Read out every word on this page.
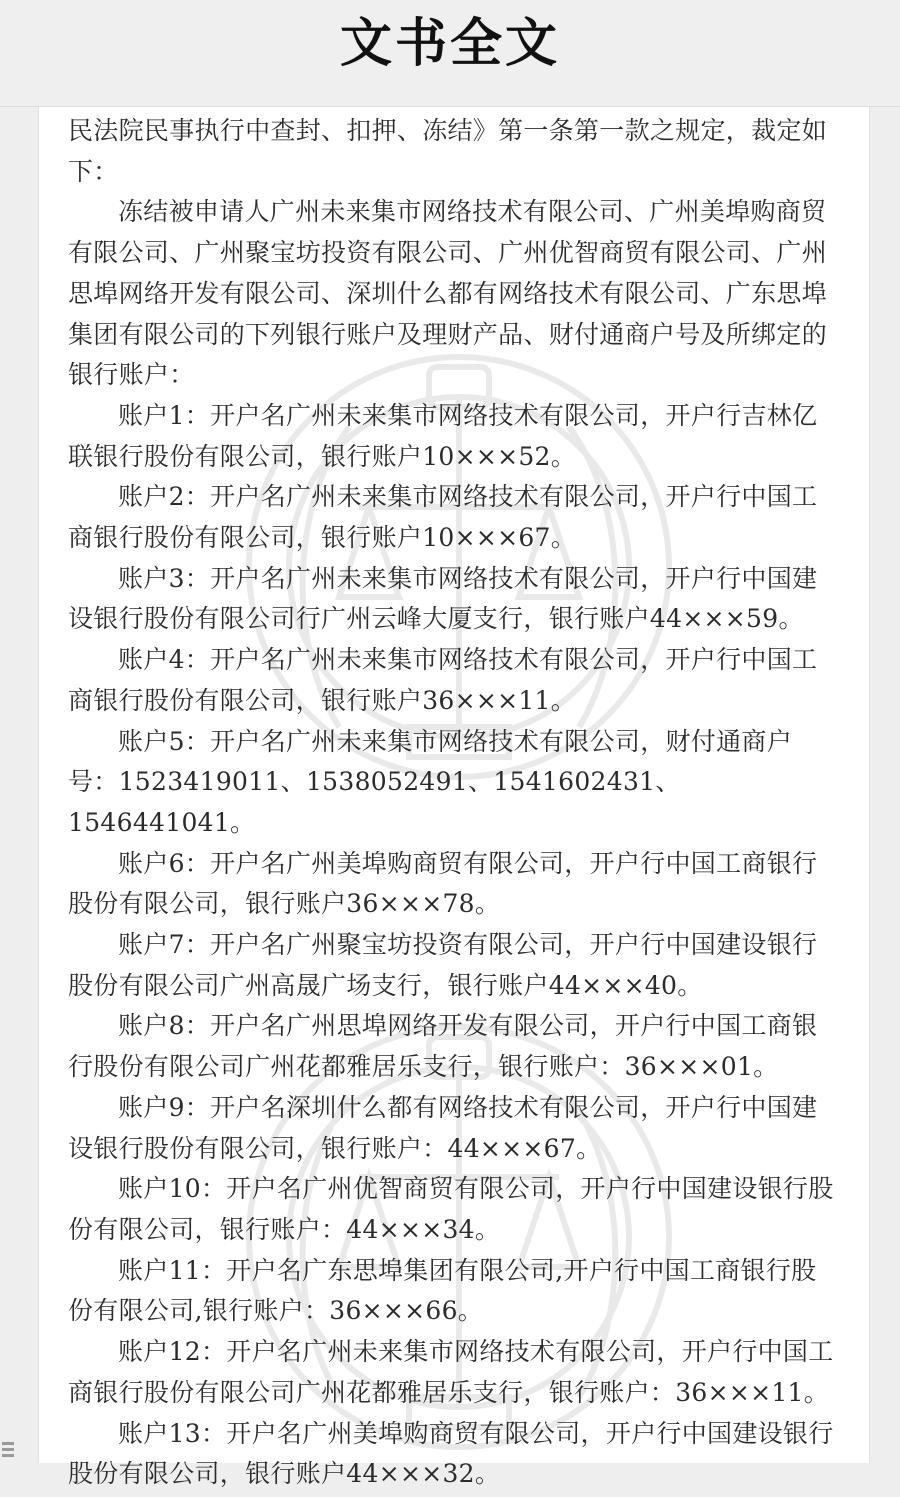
文书全文

民法院民事执行中查封、扣押、冻结》第一条第一款之规定，裁定如下：

冻结被申请人广州未来集市网络技术有限公司、广州美埠购商贸有限公司、广州聚宝坊投资有限公司、广州优智商贸有限公司、广州思埠网络开发有限公司、深圳什么都有网络技术有限公司、广东思埠集团有限公司的下列银行账户及理财产品、财付通商户号及所绑定的银行账户：

账户1：开户名广州未来集市网络技术有限公司，开户行吉林亿联银行股份有限公司，银行账户10×××52。

账户2：开户名广州未来集市网络技术有限公司，开户行中国工商银行股份有限公司，银行账户10×××67。

账户3：开户名广州未来集市网络技术有限公司，开户行中国建设银行股份有限公司行广州云峰大厦支行，银行账户44×××59。

账户4：开户名广州未来集市网络技术有限公司，开户行中国工商银行股份有限公司，银行账户36×××11。

账户5：开户名广州未来集市网络技术有限公司，财付通商户号：1523419011、1538052491、1541602431、1546441041。

账户6：开户名广州美埠购商贸有限公司，开户行中国工商银行股份有限公司，银行账户36×××78。

账户7：开户名广州聚宝坊投资有限公司，开户行中国建设银行股份有限公司广州高晟广场支行，银行账户44×××40。

账户8：开户名广州思埠网络开发有限公司，开户行中国工商银行股份有限公司广州花都雅居乐支行，银行账户：36×××01。

账户9：开户名深圳什么都有网络技术有限公司，开户行中国建设银行股份有限公司，银行账户：44×××67。

账户10：开户名广州优智商贸有限公司，开户行中国建设银行股份有限公司，银行账户：44×××34。

账户11：开户名广东思埠集团有限公司,开户行中国工商银行股份有限公司,银行账户：36×××66。

账户12：开户名广州未来集市网络技术有限公司，开户行中国工商银行股份有限公司广州花都雅居乐支行，银行账户：36×××11。

账户13：开户名广州美埠购商贸有限公司，开户行中国建设银行股份有限公司，银行账户44×××32。
